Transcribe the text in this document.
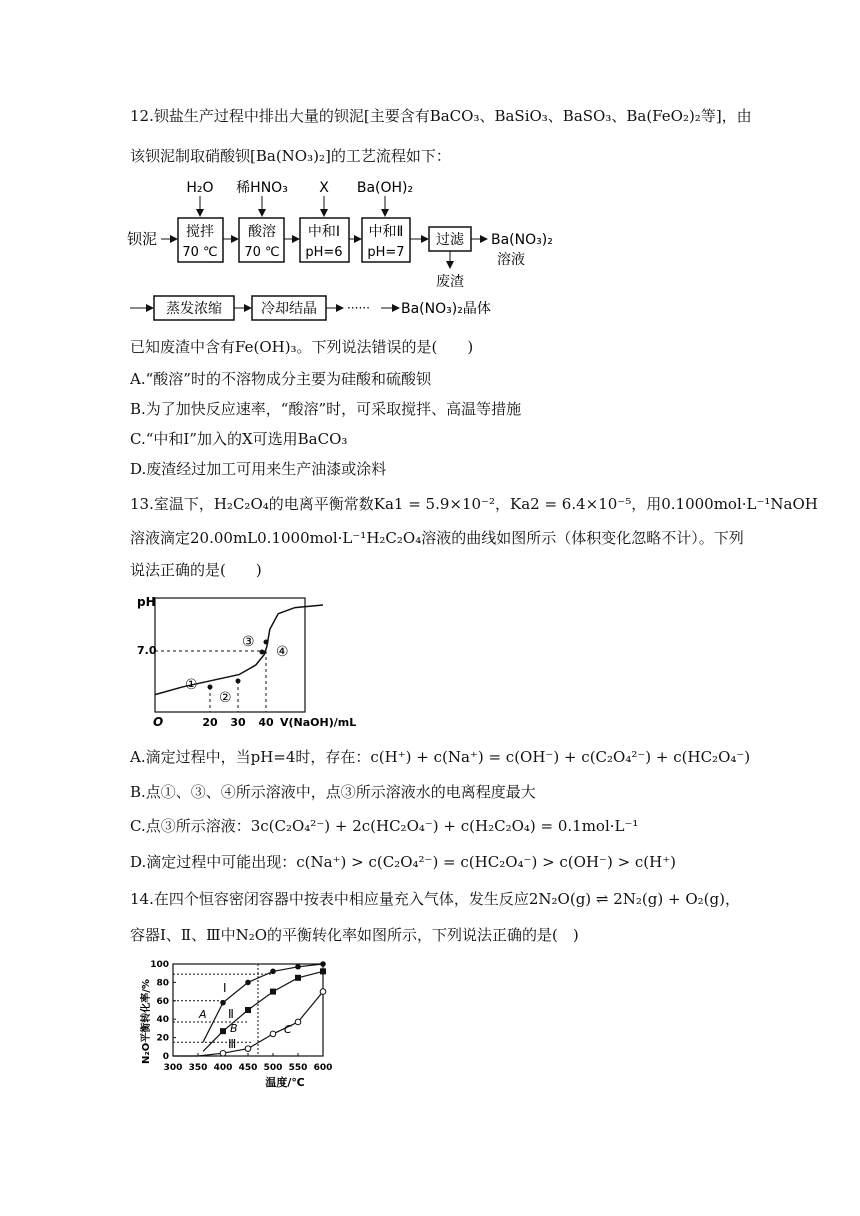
12.钡盐生产过程中排出大量的钡泥[主要含有BaCO₃、BaSiO₃、BaSO₃、Ba(FeO₂)₂等]，由
该钡泥制取硝酸钡[Ba(NO₃)₂]的工艺流程如下：
H₂O 稀HNO₃ X Ba(OH)₂
钡泥 搅拌
70 ℃
酸溶
70 ℃
中和Ⅰ
pH=6
中和Ⅱ
pH=7
过滤 Ba(NO₃)₂
溶液
废渣
蒸发浓缩	冷却结晶	······ Ba(NO₃)₂晶体
已知废渣中含有Fe(OH)₃。下列说法错误的是(　　)
A.“酸溶”时的不溶物成分主要为硅酸和硫酸钡
B.为了加快反应速率，“酸溶”时，可采取搅拌、高温等措施
C.“中和Ⅰ”加入的X可选用BaCO₃
D.废渣经过加工可用来生产油漆或涂料
13.室温下，H₂C₂O₄的电离平衡常数Ka1 = 5.9×10⁻²，Ka2 = 6.4×10⁻⁵，用0.1000mol·L⁻¹NaOH
溶液滴定20.00mL0.1000mol·L⁻¹H₂C₂O₄溶液的曲线如图所示（体积变化忽略不计）。下列
说法正确的是(　　)
pH
O
7.0
20 30 40 V(NaOH)/mL
①
②
③
④
A.滴定过程中，当pH=4时，存在：c(H⁺) + c(Na⁺) = c(OH⁻) + c(C₂O₄²⁻) + c(HC₂O₄⁻)
B.点①、③、④所示溶液中，点③所示溶液水的电离程度最大
C.点③所示溶液：3c(C₂O₄²⁻) + 2c(HC₂O₄⁻) + c(H₂C₂O₄) = 0.1mol·L⁻¹
D.滴定过程中可能出现：c(Na⁺) > c(C₂O₄²⁻) = c(HC₂O₄⁻) > c(OH⁻) > c(H⁺)
14.在四个恒容密闭容器中按表中相应量充入气体，发生反应2N₂O(g) ⇌ 2N₂(g) + O₂(g)，
容器Ⅰ、Ⅱ、Ⅲ中N₂O的平衡转化率如图所示，下列说法正确的是(　)
N₂O平衡转化率/% 0
20
40
60
80
100
300 350 400 450 500 550 600
Ⅰ
Ⅱ
Ⅲ
A
B	C
温度/℃
